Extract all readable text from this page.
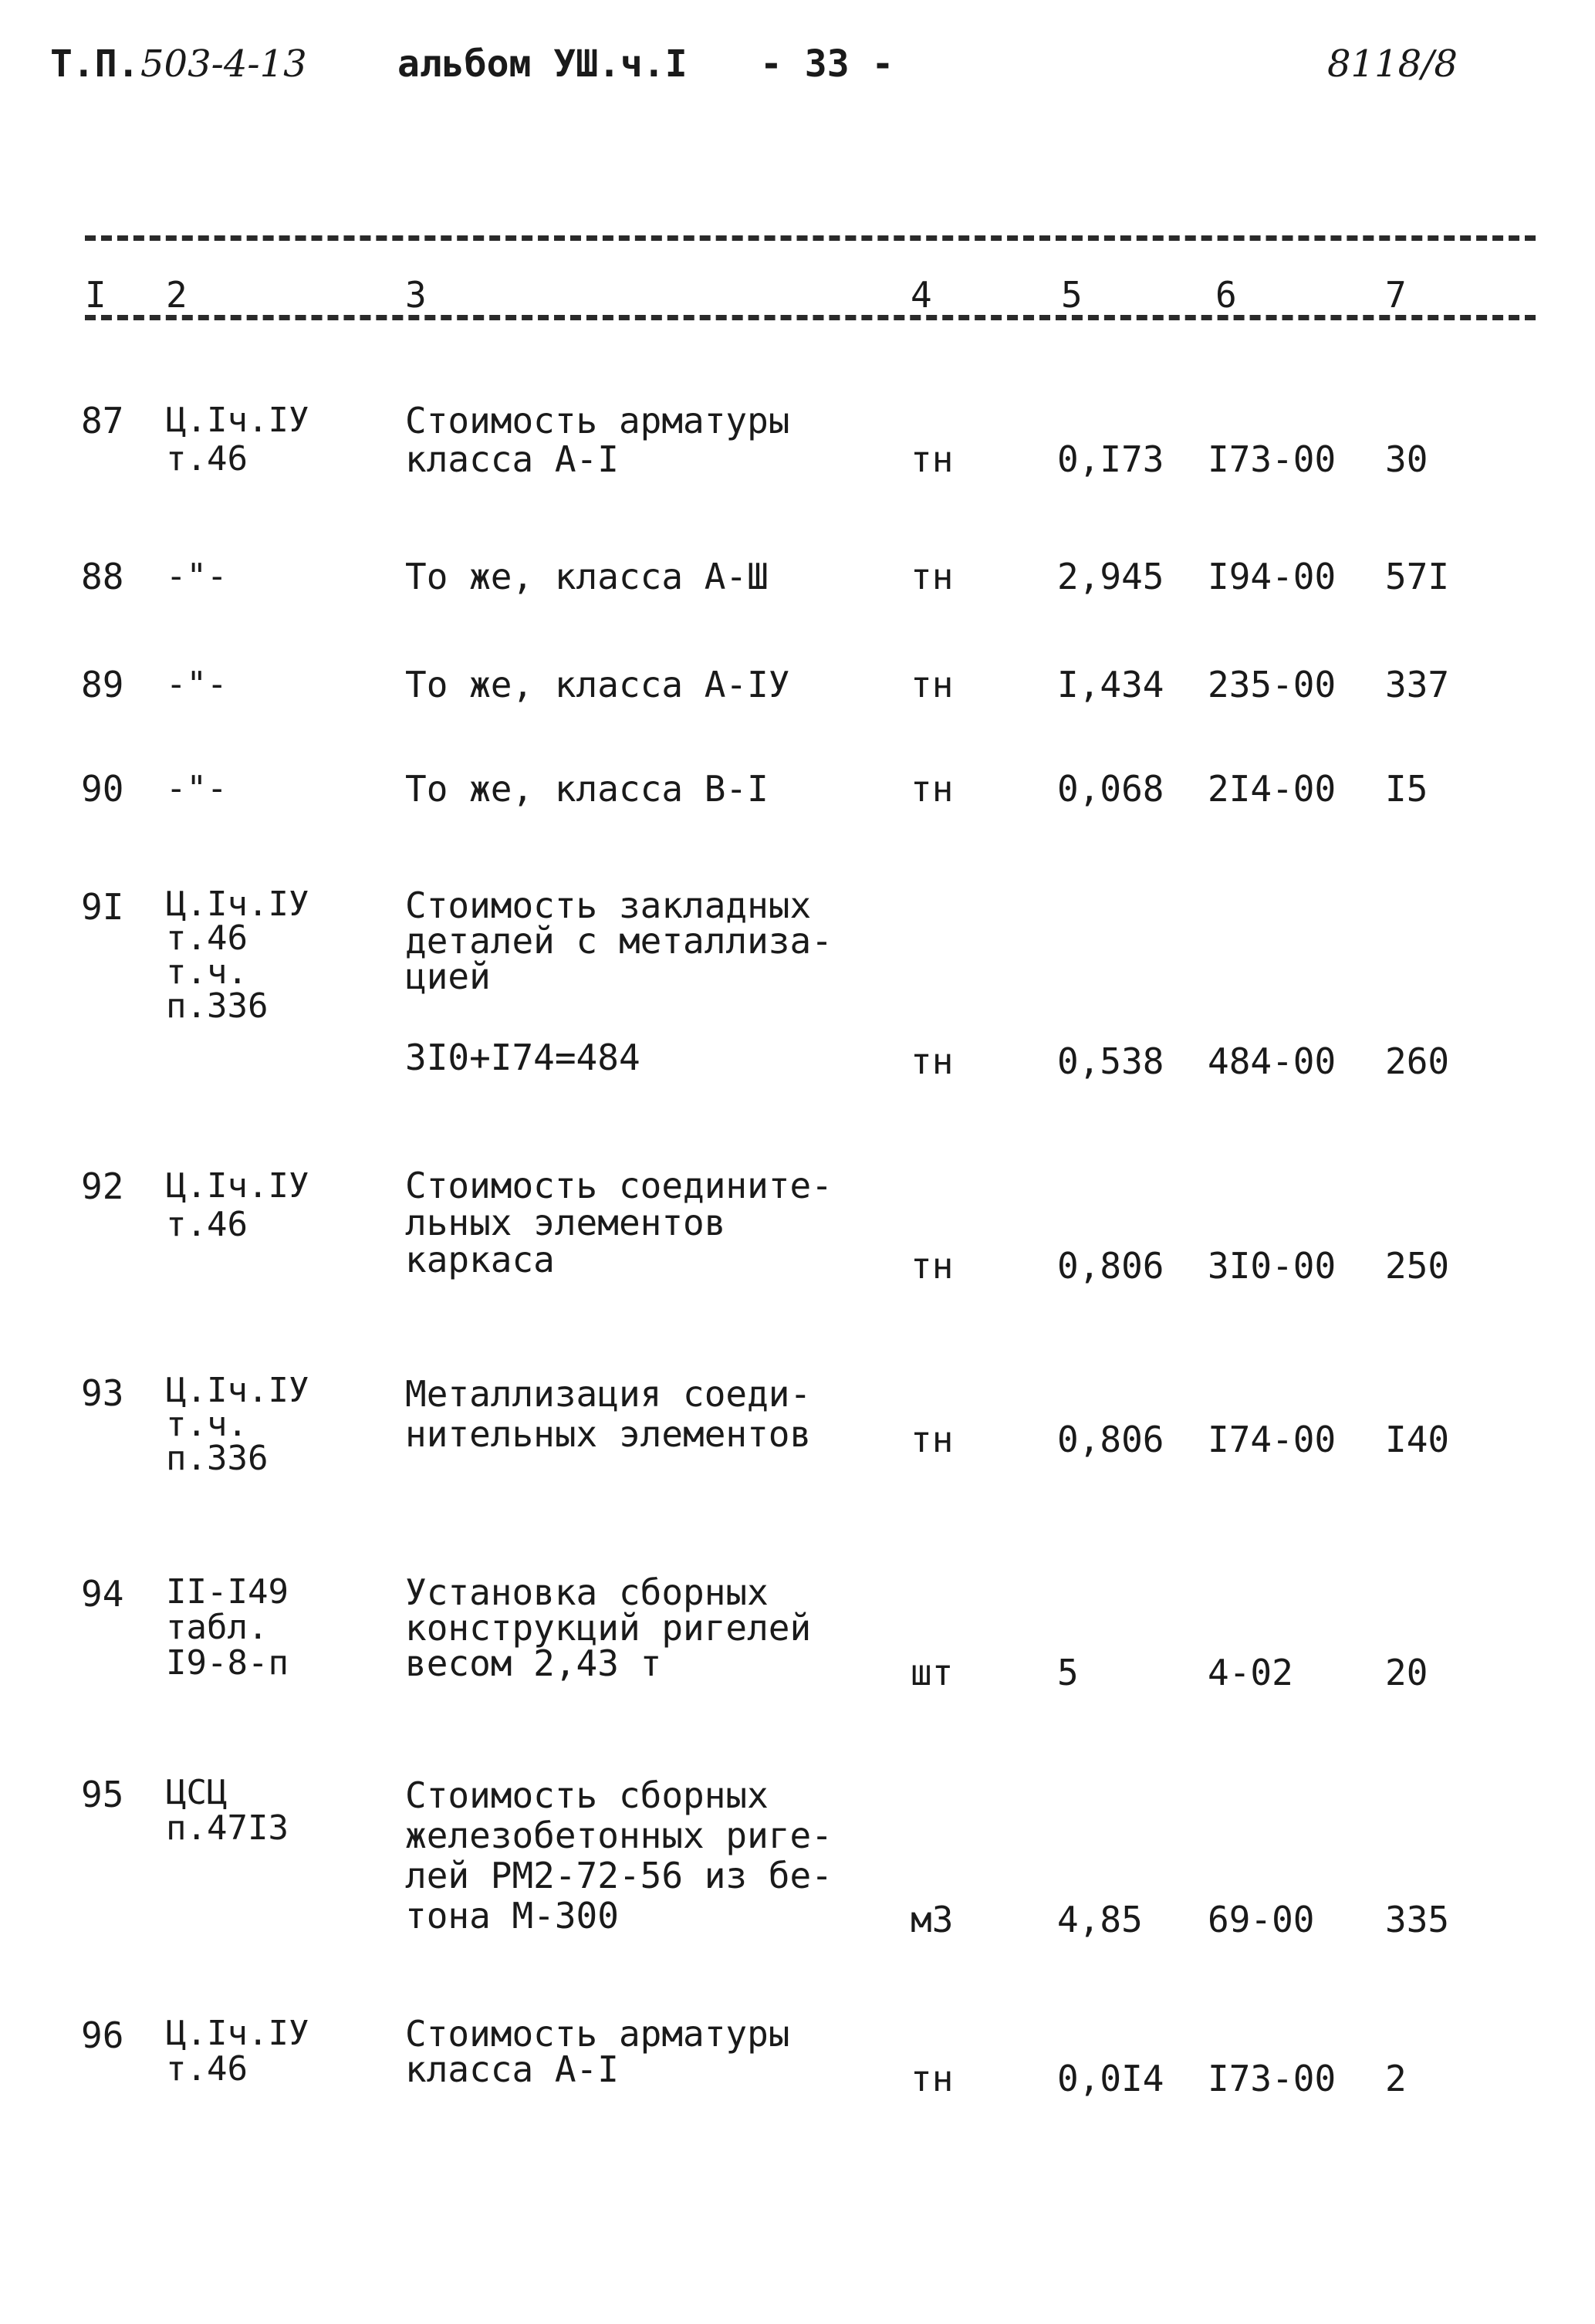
Т.П. 503-4-13 альбом УШ.ч.I - 33 -	8118/8
I 2	3	4	5	6	7
87 Ц.Iч.IУ
т.46
Стоимость арматуры
класса А-I	тн	0,I73 I73-00 30
88 -"-	То же, класса А-Ш	тн	2,945 I94-00 57I
89 -"-	То же, класса А-IУ	тн	I,434 235-00 337
90 -"-	То же, класса В-I	тн	0,068 2I4-00 I5
9I Ц.Iч.IУ
т.46
т.ч.
п.336
Стоимость закладных
деталей с металлиза-
цией
3I0+I74=484	тн	0,538 484-00 260
92 Ц.Iч.IУ
т.46
Стоимость соедините-
льных элементов
каркаса	тн	0,806 3I0-00 250
93 Ц.Iч.IУ
т.ч.
п.336
Металлизация соеди-
нительных элементов	тн	0,806 I74-00 I40
94 II-I49
табл.
I9-8-п
Установка сборных
конструкций ригелей
весом 2,43 т	шт	5	4-02	20
95 ЦСЦ
п.47I3
Стоимость сборных
железобетонных риге-
лей РМ2-72-56 из бе-
тона М-300	м3	4,85 69-00 335
96 Ц.Iч.IУ
т.46
Стоимость арматуры
класса А-I	тн	0,0I4 I73-00 2
